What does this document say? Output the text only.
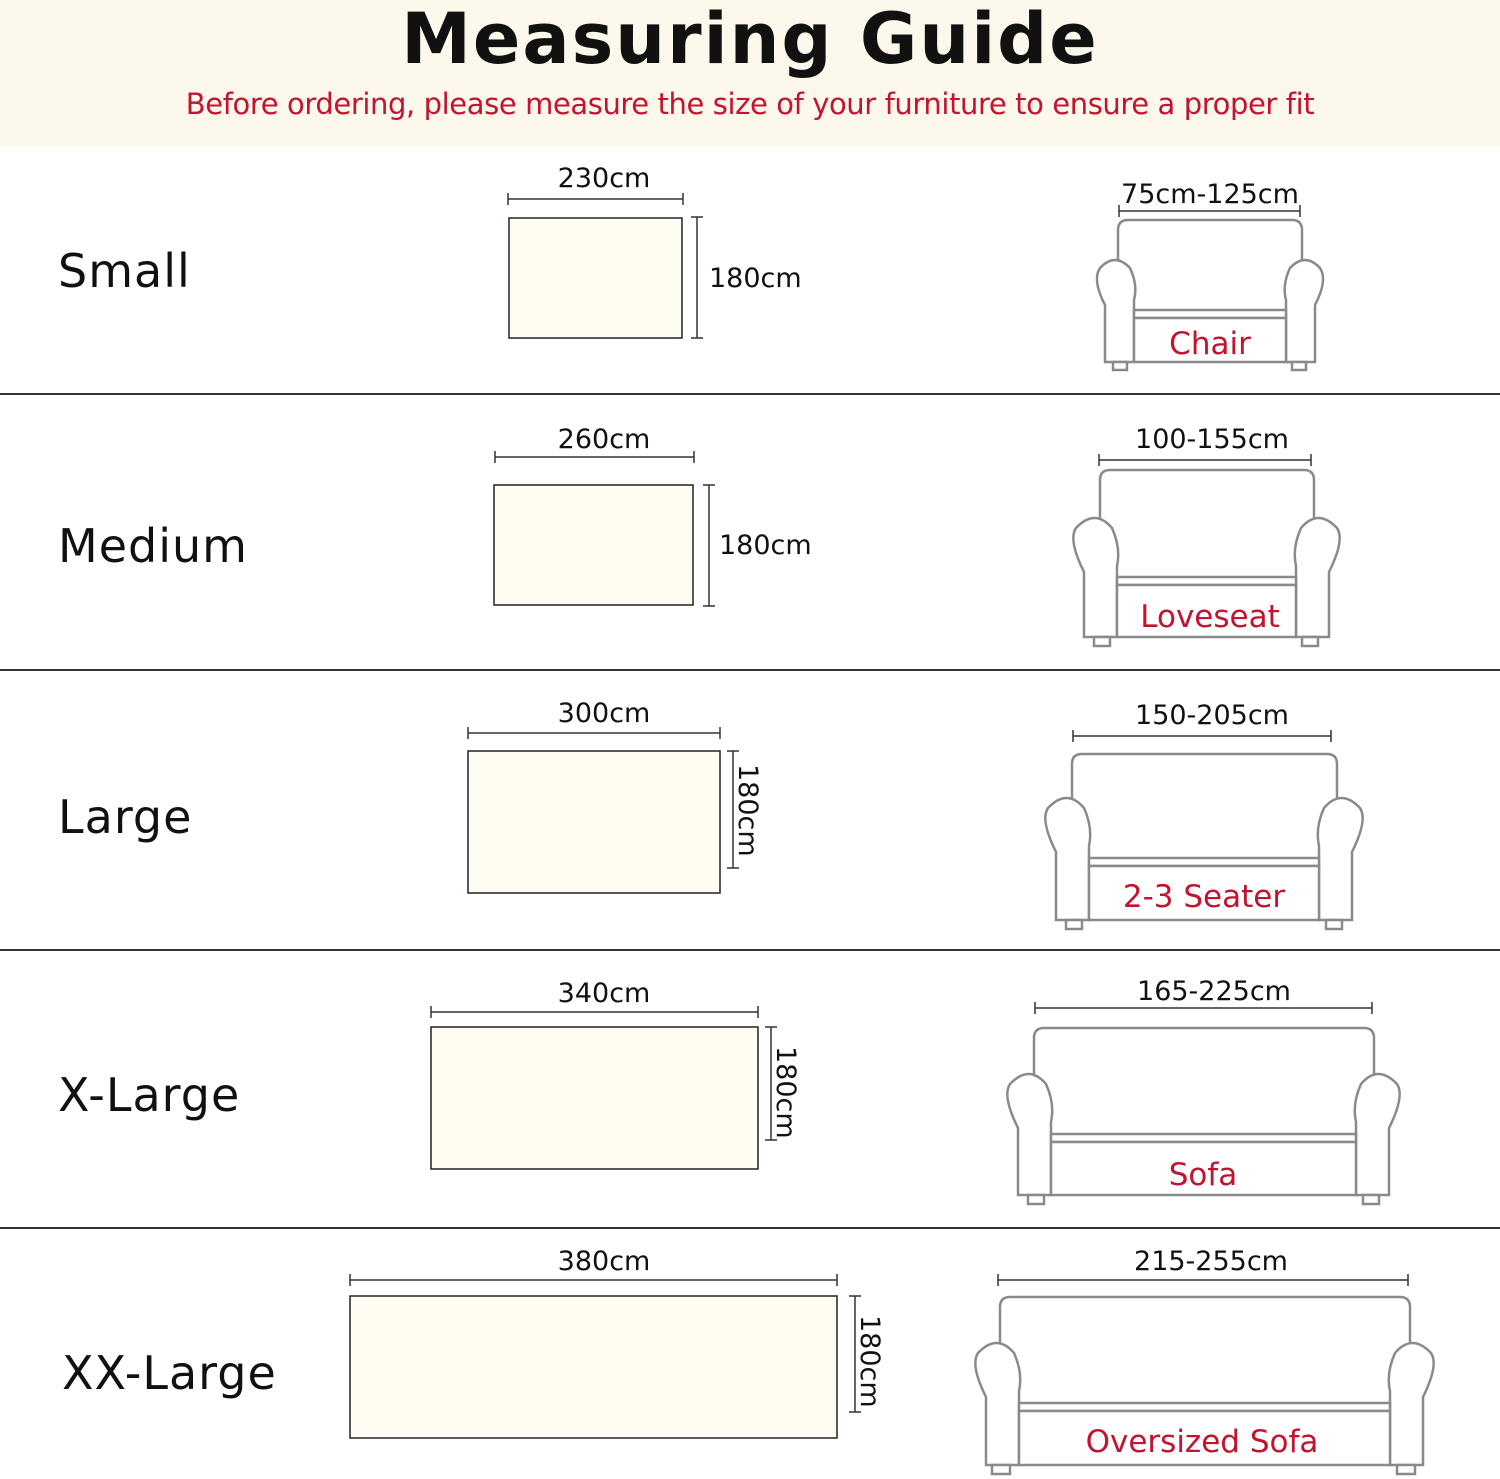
Measuring Guide
Before ordering, please measure the size of your furniture to ensure a proper fit
Small
Medium
Large
X-Large
XX-Large
230cm
180cm
75cm-125cm
Chair
260cm
180cm
100-155cm
Loveseat
300cm
180cm
150-205cm
2-3 Seater
340cm
180cm
165-225cm
Sofa
380cm
180cm
215-255cm
Oversized Sofa
